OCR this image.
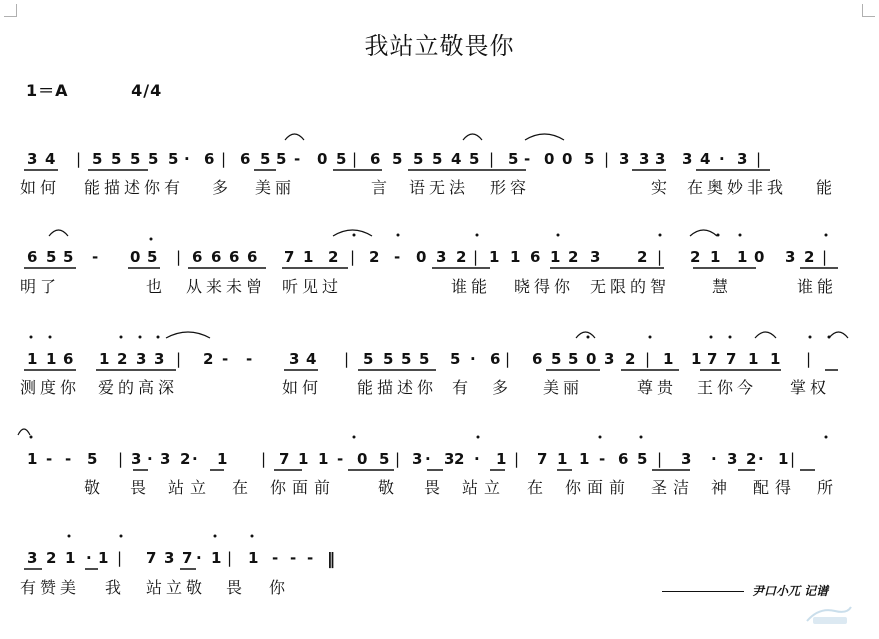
我站立敬畏你
1＝A	4/4
3 4 | 5 5 5 5 5 · 6 | 6 5 5 - 0 5 | 6 5 5 5 4 5 | 5 - 0 0 5 | 3 3 3 3 4 · 3 |
如何 能描述你有 多 美丽	言 语无法 形容	实 在奥妙非我 能
6 5 5 - 0 5 | 6 6 6 6 7 1 2 | 2 - 0 3 2 | 1 1 6 1 2 3 2 | 2 1 1 0 3 2 |
明了	也 从来未曾 听见过	谁能 晓得你 无限的智	慧	谁能
1 1 6 1 2 3 3 | 2 - - 3 4 | 5 5 5 5 5 · 6 | 6 5 5 0 3 2 | 1 1 7 7 1 1 |
测度你 爱的高深	如何 能描述你 有 多 美丽	尊贵 王你今 掌权
1 - - 5 | 3 · 3 2 · 1 | 7 1 1 - 0 5 | 3 · 3 2 · 1 | 7 1 1 - 6 5 | 3 · 3 2 · 1 |
敬 畏 站立 在 你面前	敬 畏 站立 在 你面前 圣洁 神 配得 所
3 2 1 · 1 | 7 3 7 · 1 | 1 - - - ‖
有赞美 我 站立敬 畏 你	尹口小兀 记谱
